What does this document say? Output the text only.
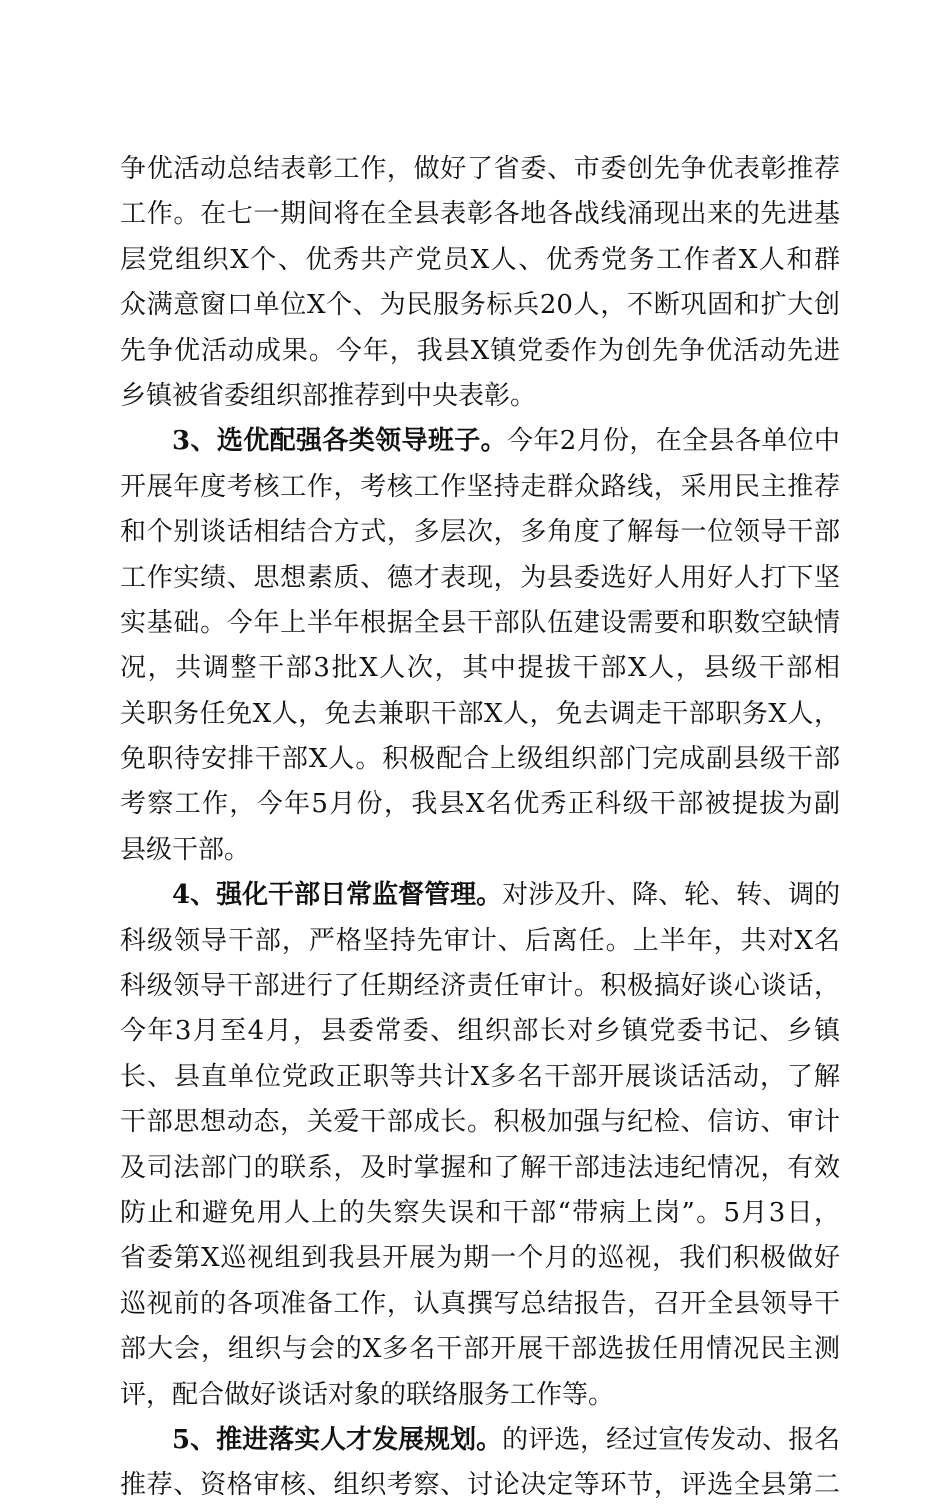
争优活动总结表彰工作，做好了省委、市委创先争优表彰推荐
工作。在七一期间将在全县表彰各地各战线涌现出来的先进基
层党组织X个、优秀共产党员X人、优秀党务工作者X人和群
众满意窗口单位X个、为民服务标兵20人，不断巩固和扩大创
先争优活动成果。今年，我县X镇党委作为创先争优活动先进
乡镇被省委组织部推荐到中央表彰。
3、选优配强各类领导班子。今年2月份，在全县各单位中
开展年度考核工作，考核工作坚持走群众路线，采用民主推荐
和个别谈话相结合方式，多层次，多角度了解每一位领导干部
工作实绩、思想素质、德才表现，为县委选好人用好人打下坚
实基础。今年上半年根据全县干部队伍建设需要和职数空缺情
况，共调整干部3批X人次，其中提拔干部X人，县级干部相
关职务任免X人，免去兼职干部X人，免去调走干部职务X人，
免职待安排干部X人。积极配合上级组织部门完成副县级干部
考察工作，今年5月份，我县X名优秀正科级干部被提拔为副
县级干部。
4、强化干部日常监督管理。对涉及升、降、轮、转、调的
科级领导干部，严格坚持先审计、后离任。上半年，共对X名
科级领导干部进行了任期经济责任审计。积极搞好谈心谈话，
今年3月至4月，县委常委、组织部长对乡镇党委书记、乡镇
长、县直单位党政正职等共计X多名干部开展谈话活动，了解
干部思想动态，关爱干部成长。积极加强与纪检、信访、审计
及司法部门的联系，及时掌握和了解干部违法违纪情况，有效
防止和避免用人上的失察失误和干部“带病上岗”。5月3日，
省委第X巡视组到我县开展为期一个月的巡视，我们积极做好
巡视前的各项准备工作，认真撰写总结报告，召开全县领导干
部大会，组织与会的X多名干部开展干部选拔任用情况民主测
评，配合做好谈话对象的联络服务工作等。
5、推进落实人才发展规划。的评选，经过宣传发动、报名
推荐、资格审核、组织考察、讨论决定等环节，评选全县第二
